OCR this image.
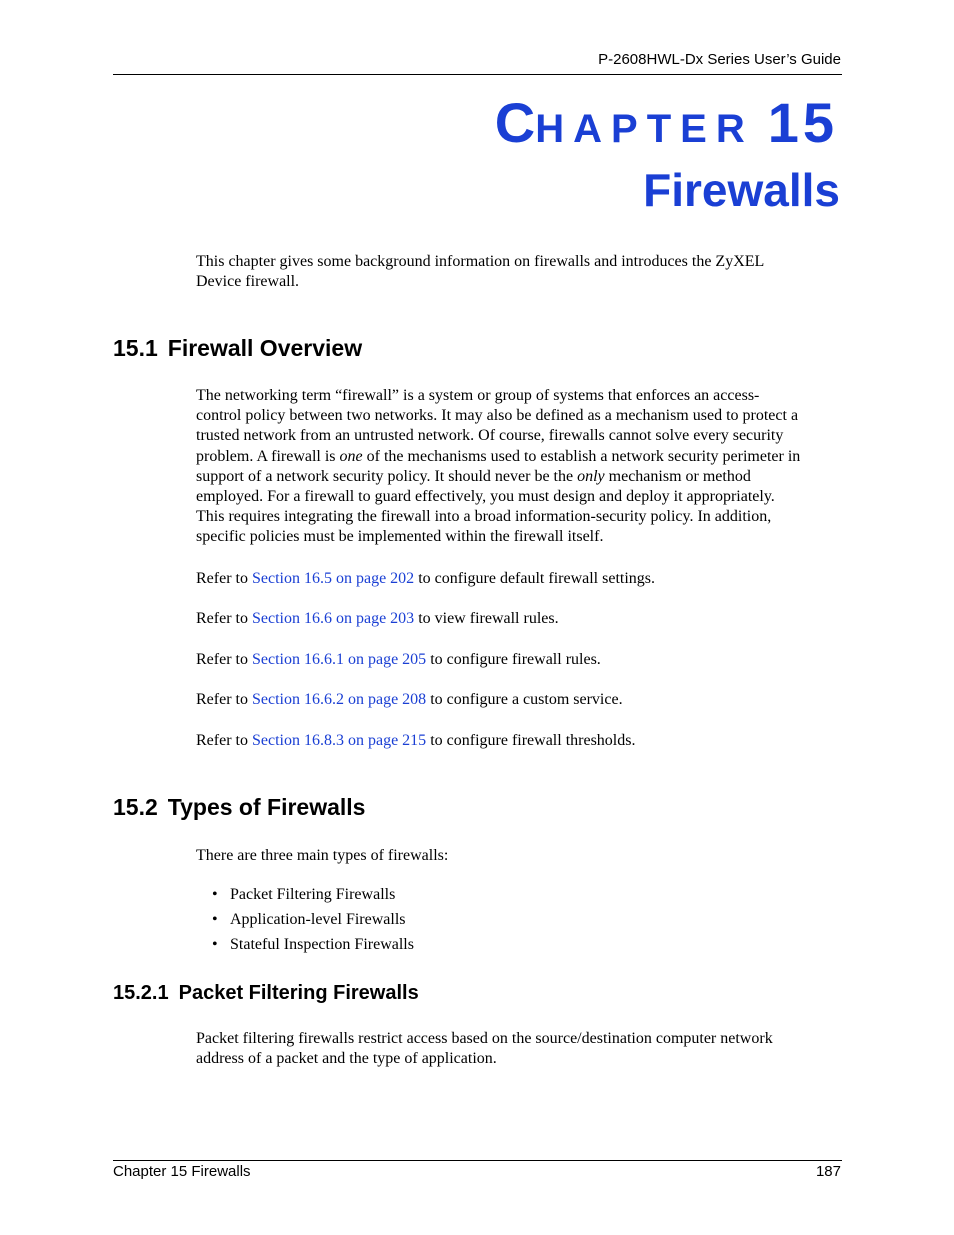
P-2608HWL-Dx Series User’s Guide
CHAPTER 15
Firewalls

This chapter gives some background information on firewalls and introduces the ZyXEL
Device firewall.

15.1 Firewall Overview

The networking term “firewall” is a system or group of systems that enforces an access-
control policy between two networks. It may also be defined as a mechanism used to protect a
trusted network from an untrusted network. Of course, firewalls cannot solve every security
problem. A firewall is one of the mechanisms used to establish a network security perimeter in
support of a network security policy. It should never be the only mechanism or method
employed. For a firewall to guard effectively, you must design and deploy it appropriately.
This requires integrating the firewall into a broad information-security policy. In addition,
specific policies must be implemented within the firewall itself.

Refer to Section 16.5 on page 202 to configure default firewall settings.

Refer to Section 16.6 on page 203 to view firewall rules.

Refer to Section 16.6.1 on page 205 to configure firewall rules.

Refer to Section 16.6.2 on page 208 to configure a custom service.

Refer to Section 16.8.3 on page 215 to configure firewall thresholds.

15.2 Types of Firewalls

There are three main types of firewalls:

• Packet Filtering Firewalls
• Application-level Firewalls
• Stateful Inspection Firewalls
15.2.1 Packet Filtering Firewalls

Packet filtering firewalls restrict access based on the source/destination computer network
address of a packet and the type of application.

Chapter 15 Firewalls	187
